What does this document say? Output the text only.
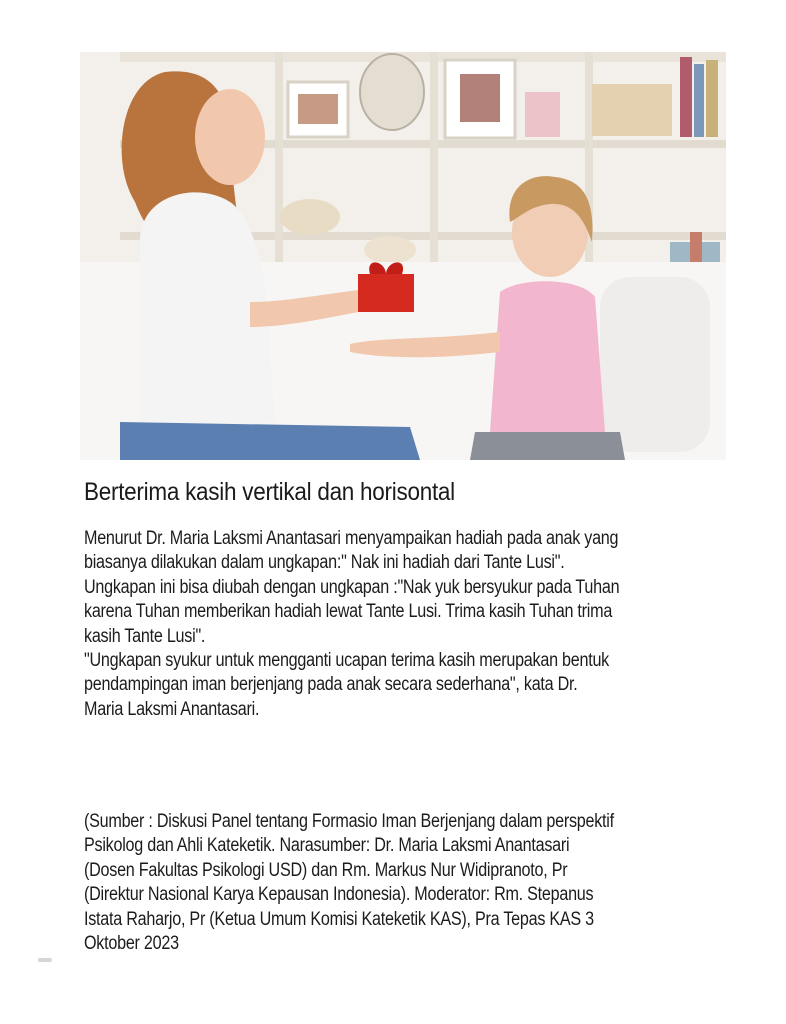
Berterima kasih vertikal dan horisontal
Menurut Dr. Maria Laksmi Anantasari menyampaikan hadiah pada anak yang
biasanya dilakukan dalam ungkapan:" Nak ini hadiah dari Tante Lusi".
Ungkapan ini bisa diubah dengan ungkapan :"Nak yuk bersyukur pada Tuhan
karena Tuhan memberikan hadiah lewat Tante Lusi. Trima kasih Tuhan trima
kasih Tante Lusi".
"Ungkapan syukur untuk mengganti ucapan terima kasih merupakan bentuk
pendampingan iman berjenjang pada anak secara sederhana", kata Dr.
Maria Laksmi Anantasari.
(Sumber : Diskusi Panel tentang Formasio Iman Berjenjang dalam perspektif
Psikolog dan Ahli Kateketik. Narasumber: Dr. Maria Laksmi Anantasari
(Dosen Fakultas Psikologi USD) dan Rm. Markus Nur Widipranoto, Pr
(Direktur Nasional Karya Kepausan Indonesia). Moderator: Rm. Stepanus
Istata Raharjo, Pr (Ketua Umum Komisi Kateketik KAS), Pra Tepas KAS 3
Oktober 2023
